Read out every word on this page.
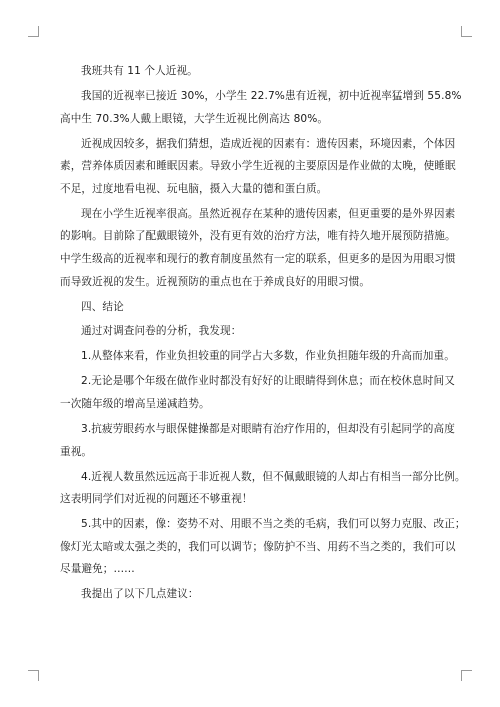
我班共有 11 个人近视。
我国的近视率已接近 30%，小学生 22.7%患有近视，初中近视率猛增到 55.8%
高中生 70.3%人戴上眼镜，大学生近视比例高达 80%。
近视成因较多，据我们猜想，造成近视的因素有：遗传因素，环境因素，个体因
素，营养体质因素和睡眠因素。导致小学生近视的主要原因是作业做的太晚，使睡眠
不足，过度地看电视、玩电脑，摄入大量的德和蛋白质。
现在小学生近视率很高。虽然近视存在某种的遗传因素，但更重要的是外界因素
的影响。目前除了配戴眼镜外，没有更有效的治疗方法，唯有持久地开展预防措施。
中学生级高的近视率和现行的教育制度虽然有一定的联系，但更多的是因为用眼习惯
而导致近视的发生。近视预防的重点也在于养成良好的用眼习惯。
四、结论
通过对调查问卷的分析，我发现：
1.从整体来看，作业负担较重的同学占大多数，作业负担随年级的升高而加重。
2.无论是哪个年级在做作业时都没有好好的让眼睛得到休息；而在校休息时间又
一次随年级的增高呈递减趋势。
3.抗疲劳眼药水与眼保健操都是对眼睛有治疗作用的，但却没有引起同学的高度
重视。
4.近视人数虽然远远高于非近视人数，但不佩戴眼镜的人却占有相当一部分比例。
这表明同学们对近视的问题还不够重视！
5.其中的因素，像：姿势不对、用眼不当之类的毛病，我们可以努力克服、改正；
像灯光太暗或太强之类的，我们可以调节；像防护不当、用药不当之类的，我们可以
尽量避免；……
我提出了以下几点建议：
